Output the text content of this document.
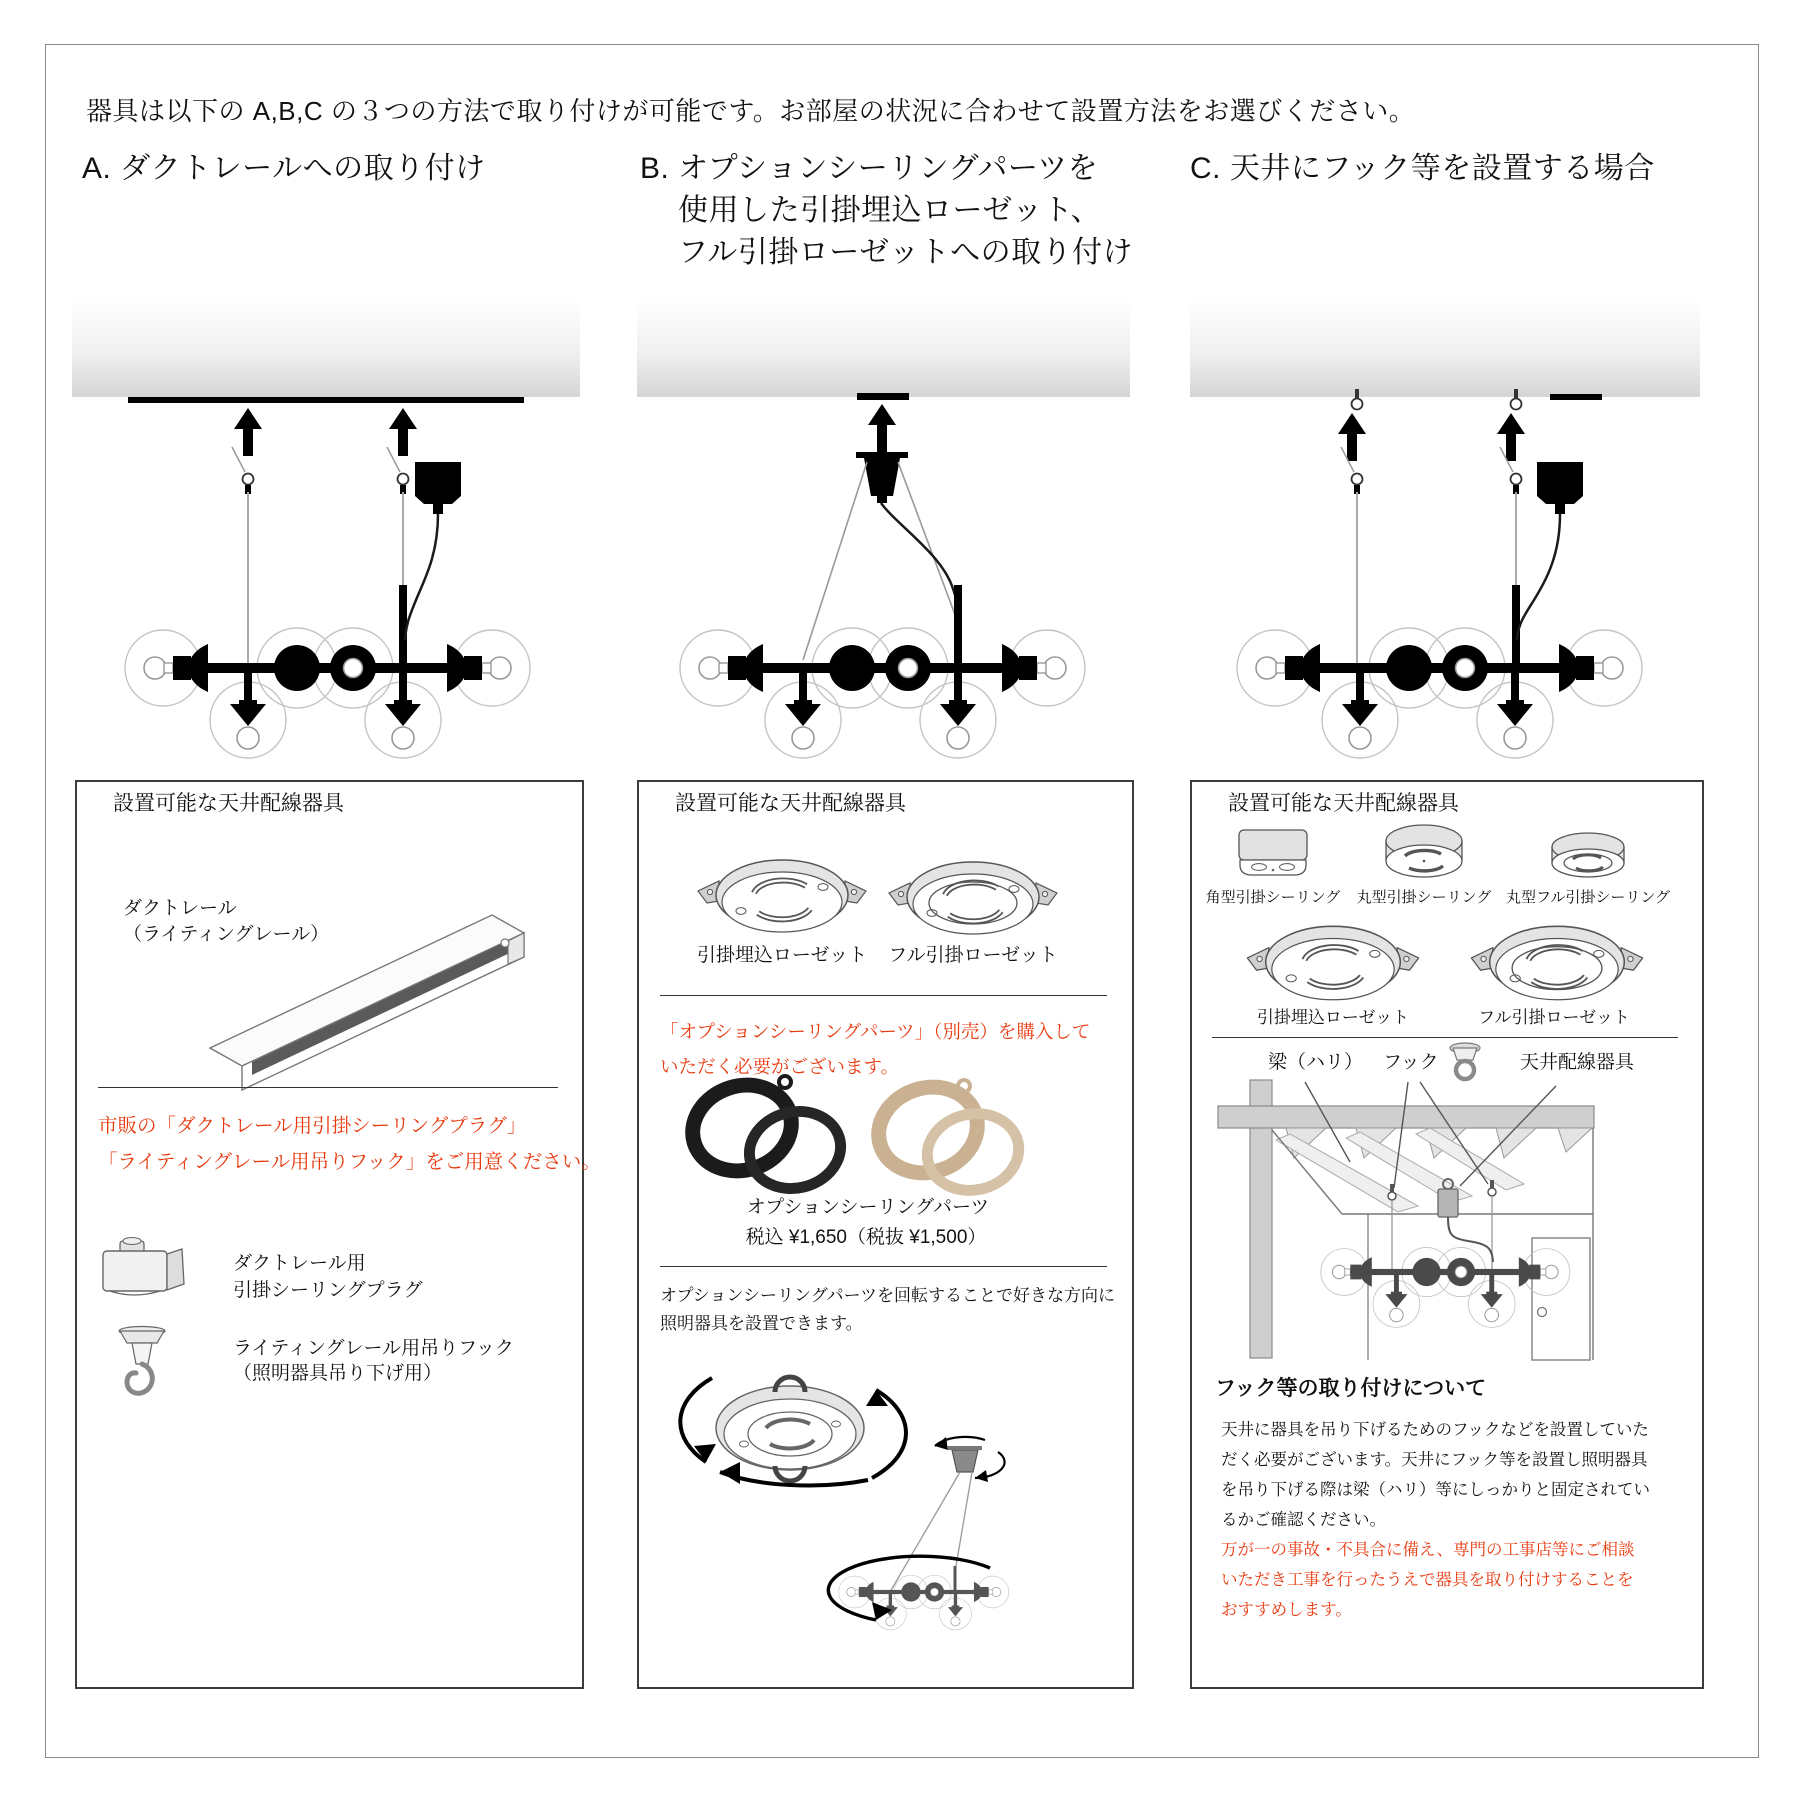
器具は以下の A,B,C の３つの方法で取り付けが可能です。お部屋の状況に合わせて設置方法をお選びください。
A. ダクトレールへの取り付け	B. オプションシーリングパーツを
使用した引掛埋込ローゼット、
フル引掛ローゼットへの取り付け
C. 天井にフック等を設置する場合
設置可能な天井配線器具
ダクトレール
（ライティングレール）
市販の「ダクトレール用引掛シーリングプラグ」
「ライティングレール用吊りフック」をご用意ください。
ダクトレール用
引掛シーリングプラグ
ライティングレール用吊りフック
（照明器具吊り下げ用）
設置可能な天井配線器具
引掛埋込ローゼット フル引掛ローゼット
「オプションシーリングパーツ」（別売）を購入して
いただく必要がございます。
オプションシーリングパーツ
税込 ¥1,650（税抜 ¥1,500）
オプションシーリングパーツを回転することで好きな方向に
照明器具を設置できます。
設置可能な天井配線器具
角型引掛シーリング 丸型引掛シーリング 丸型フル引掛シーリング
引掛埋込ローゼット	フル引掛ローゼット
梁（ハリ） フック	天井配線器具
フック等の取り付けについて
天井に器具を吊り下げるためのフックなどを設置していた
だく必要がございます。天井にフック等を設置し照明器具
を吊り下げる際は梁（ハリ）等にしっかりと固定されてい
るかご確認ください。
万が一の事故・不具合に備え、専門の工事店等にご相談
いただき工事を行ったうえで器具を取り付けすることを
おすすめします。
